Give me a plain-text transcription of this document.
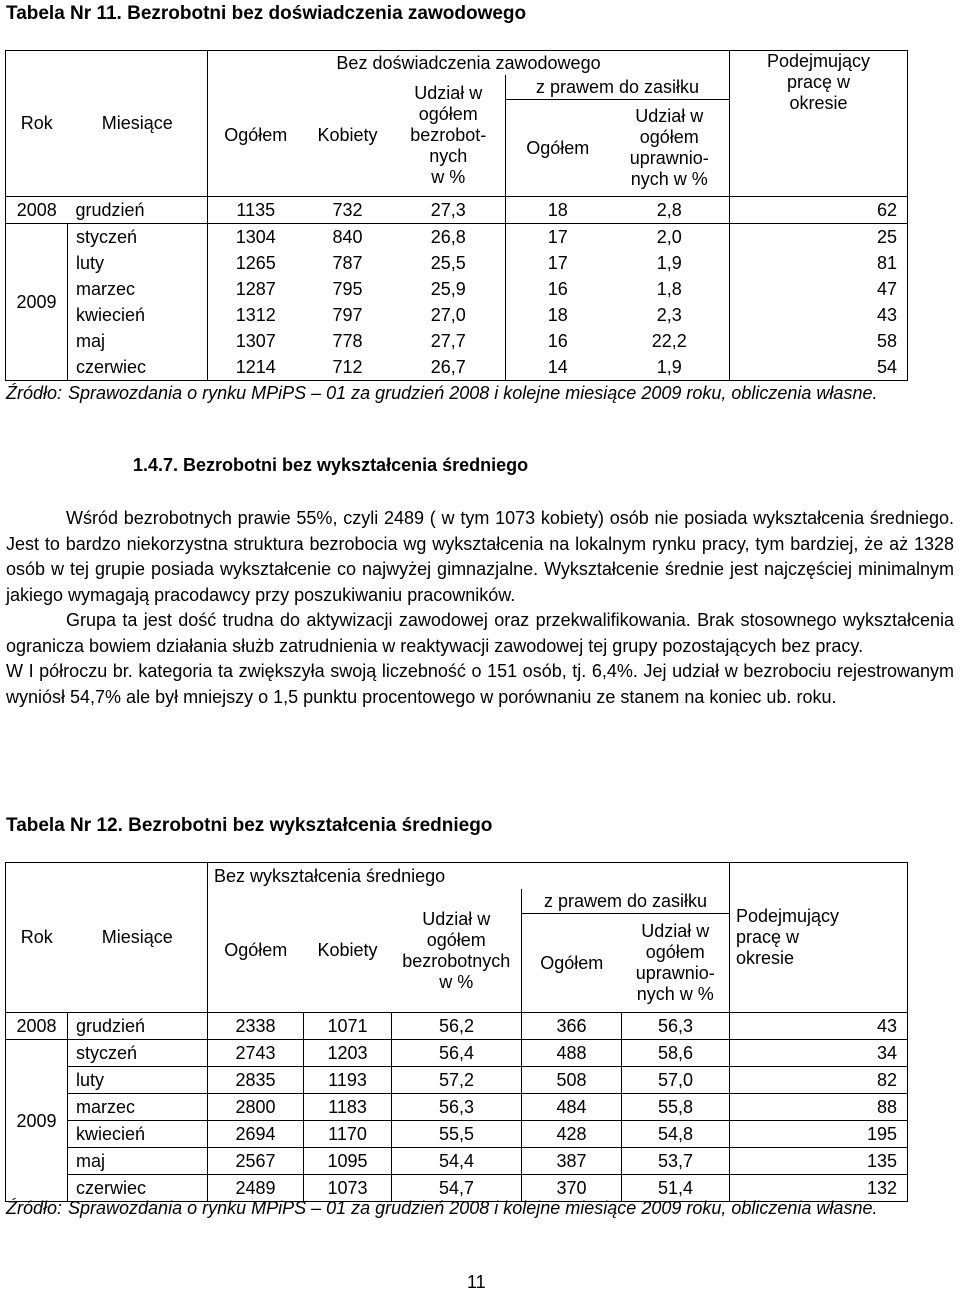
Tabela Nr 11. Bezrobotni bez doświadczenia zawodowego
Rok	Miesiące	Bez doświadczenia zawodowego					Podejmujący
pracę w
okresie

		Ogółem	Kobiety	Udział w
ogółem
bezrobot-
nych
w %	z prawem do zasiłku		
					Ogółem	Udział w
ogółem
uprawnio-
nych w %	

2008	grudzień	1135	732	27,3	18	2,8	62
2009	styczeń	1304	840	26,8	17	2,0	25
	luty	1265	787	25,5	17	1,9	81
	marzec	1287	795	25,9	16	1,8	47
	kwiecień	1312	797	27,0	18	2,3	43
	maj	1307	778	27,7	16	22,2	58
	czerwiec	1214	712	26,7	14	1,9	54
Źródło: Sprawozdania o rynku MPiPS – 01 za grudzień 2008 i kolejne miesiące 2009 roku, obliczenia własne.
1.4.7. Bezrobotni bez wykształcenia średniego

Wśród bezrobotnych prawie 55%, czyli 2489 ( w tym 1073 kobiety) osób nie posiada wykształcenia średniego. Jest to bardzo niekorzystna struktura bezrobocia wg wykształcenia na lokalnym rynku pracy, tym bardziej, że aż 1328 osób w tej grupie posiada wykształcenie co najwyżej gimnazjalne. Wykształcenie średnie jest najczęściej minimalnym jakiego wymagają pracodawcy przy poszukiwaniu pracowników.

Grupa ta jest dość trudna do aktywizacji zawodowej oraz przekwalifikowania. Brak stosownego wykształcenia ogranicza bowiem działania służb zatrudnienia w reaktywacji zawodowej tej grupy pozostających bez pracy.

W I półroczu br. kategoria ta zwiększyła swoją liczebność o 151 osób, tj. 6,4%. Jej udział w bezrobociu rejestrowanym wyniósł 54,7% ale był mniejszy o 1,5 punktu procentowego w porównaniu ze stanem na koniec ub. roku.

Tabela Nr 12. Bezrobotni bez wykształcenia średniego
Rok	Miesiące	Bez wykształcenia średniego					Podejmujący
pracę w
okresie

		Ogółem	Kobiety	Udział w
ogółem
bezrobotnych
w %	z prawem do zasiłku		
					Ogółem	Udział w
ogółem
uprawnio-
nych w %	

2008	grudzień	2338	1071	56,2	366	56,3	43
2009	styczeń	2743	1203	56,4	488	58,6	34
	luty	2835	1193	57,2	508	57,0	82
	marzec	2800	1183	56,3	484	55,8	88
	kwiecień	2694	1170	55,5	428	54,8	195
	maj	2567	1095	54,4	387	53,7	135
	czerwiec	2489	1073	54,7	370	51,4	132
Źródło: Sprawozdania o rynku MPiPS – 01 za grudzień 2008 i kolejne miesiące 2009 roku, obliczenia własne.
11
